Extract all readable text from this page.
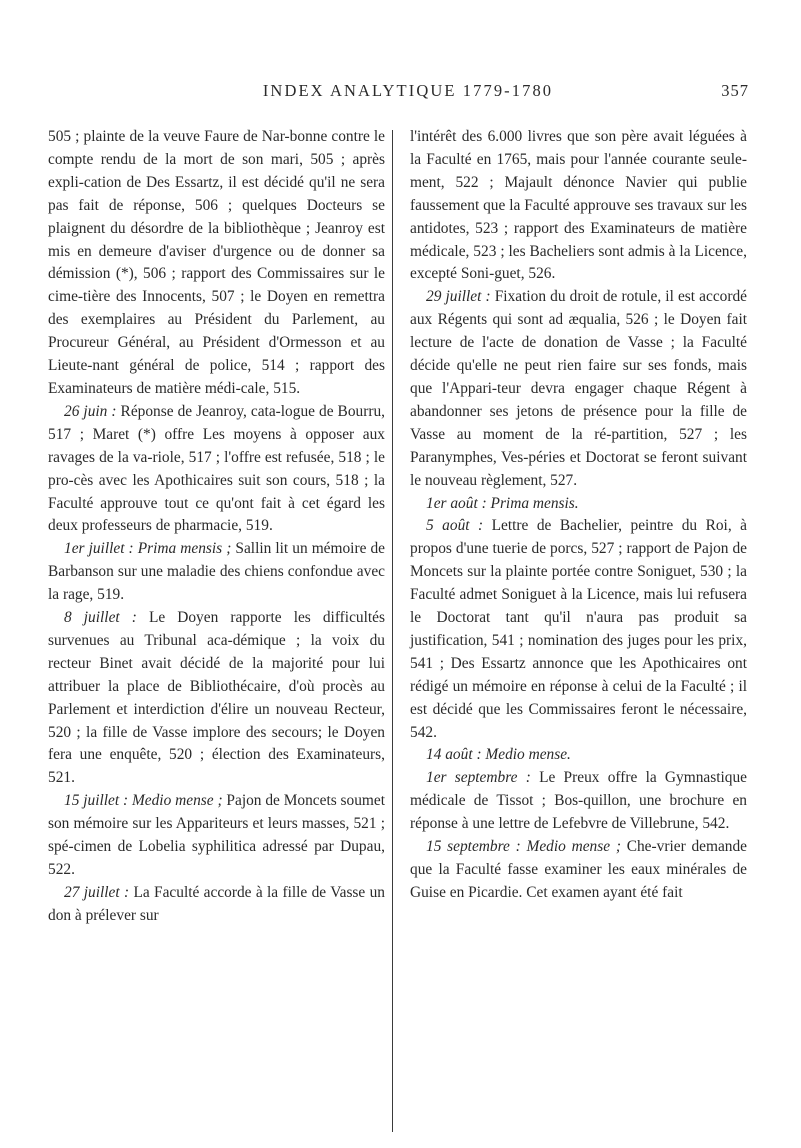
INDEX ANALYTIQUE 1779-1780	357

505 ; plainte de la veuve Faure de Nar-bonne contre le compte rendu de la mort de son mari, 505 ; après expli-cation de Des Essartz, il est décidé qu'il ne sera pas fait de réponse, 506 ; quelques Docteurs se plaignent du désordre de la bibliothèque ; Jeanroy est mis en demeure d'aviser d'urgence ou de donner sa démission (*), 506 ; rapport des Commissaires sur le cime-tière des Innocents, 507 ; le Doyen en remettra des exemplaires au Président du Parlement, au Procureur Général, au Président d'Ormesson et au Lieute-nant général de police, 514 ; rapport des Examinateurs de matière médi-cale, 515.

26 juin : Réponse de Jeanroy, cata-logue de Bourru, 517 ; Maret (*) offre Les moyens à opposer aux ravages de la va-riole, 517 ; l'offre est refusée, 518 ; le pro-cès avec les Apothicaires suit son cours, 518 ; la Faculté approuve tout ce qu'ont fait à cet égard les deux professeurs de pharmacie, 519.

1er juillet : Prima mensis ; Sallin lit un mémoire de Barbanson sur une maladie des chiens confondue avec la rage, 519.

8 juillet : Le Doyen rapporte les difficultés survenues au Tribunal aca-démique ; la voix du recteur Binet avait décidé de la majorité pour lui attribuer la place de Bibliothécaire, d'où procès au Parlement et interdiction d'élire un nouveau Recteur, 520 ; la fille de Vasse implore des secours; le Doyen fera une enquête, 520 ; élection des Examinateurs, 521.

15 juillet : Medio mense ; Pajon de Moncets soumet son mémoire sur les Appariteurs et leurs masses, 521 ; spé-cimen de Lobelia syphilitica adressé par Dupau, 522.

27 juillet : La Faculté accorde à la fille de Vasse un don à prélever sur

l'intérêt des 6.000 livres que son père avait léguées à la Faculté en 1765, mais pour l'année courante seule-ment, 522 ; Majault dénonce Navier qui publie faussement que la Faculté approuve ses travaux sur les antidotes, 523 ; rapport des Examinateurs de matière médicale, 523 ; les Bacheliers sont admis à la Licence, excepté Soni-guet, 526.

29 juillet : Fixation du droit de rotule, il est accordé aux Régents qui sont ad æqualia, 526 ; le Doyen fait lecture de l'acte de donation de Vasse ; la Faculté décide qu'elle ne peut rien faire sur ses fonds, mais que l'Appari-teur devra engager chaque Régent à abandonner ses jetons de présence pour la fille de Vasse au moment de la ré-partition, 527 ; les Paranymphes, Ves-péries et Doctorat se feront suivant le nouveau règlement, 527.

1er août : Prima mensis.

5 août : Lettre de Bachelier, peintre du Roi, à propos d'une tuerie de porcs, 527 ; rapport de Pajon de Moncets sur la plainte portée contre Soniguet, 530 ; la Faculté admet Soniguet à la Licence, mais lui refusera le Doctorat tant qu'il n'aura pas produit sa justification, 541 ; nomination des juges pour les prix, 541 ; Des Essartz annonce que les Apothicaires ont rédigé un mémoire en réponse à celui de la Faculté ; il est décidé que les Commissaires feront le nécessaire, 542.

14 août : Medio mense.

1er septembre : Le Preux offre la Gymnastique médicale de Tissot ; Bos-quillon, une brochure en réponse à une lettre de Lefebvre de Villebrune, 542.

15 septembre : Medio mense ; Che-vrier demande que la Faculté fasse examiner les eaux minérales de Guise en Picardie. Cet examen ayant été fait
